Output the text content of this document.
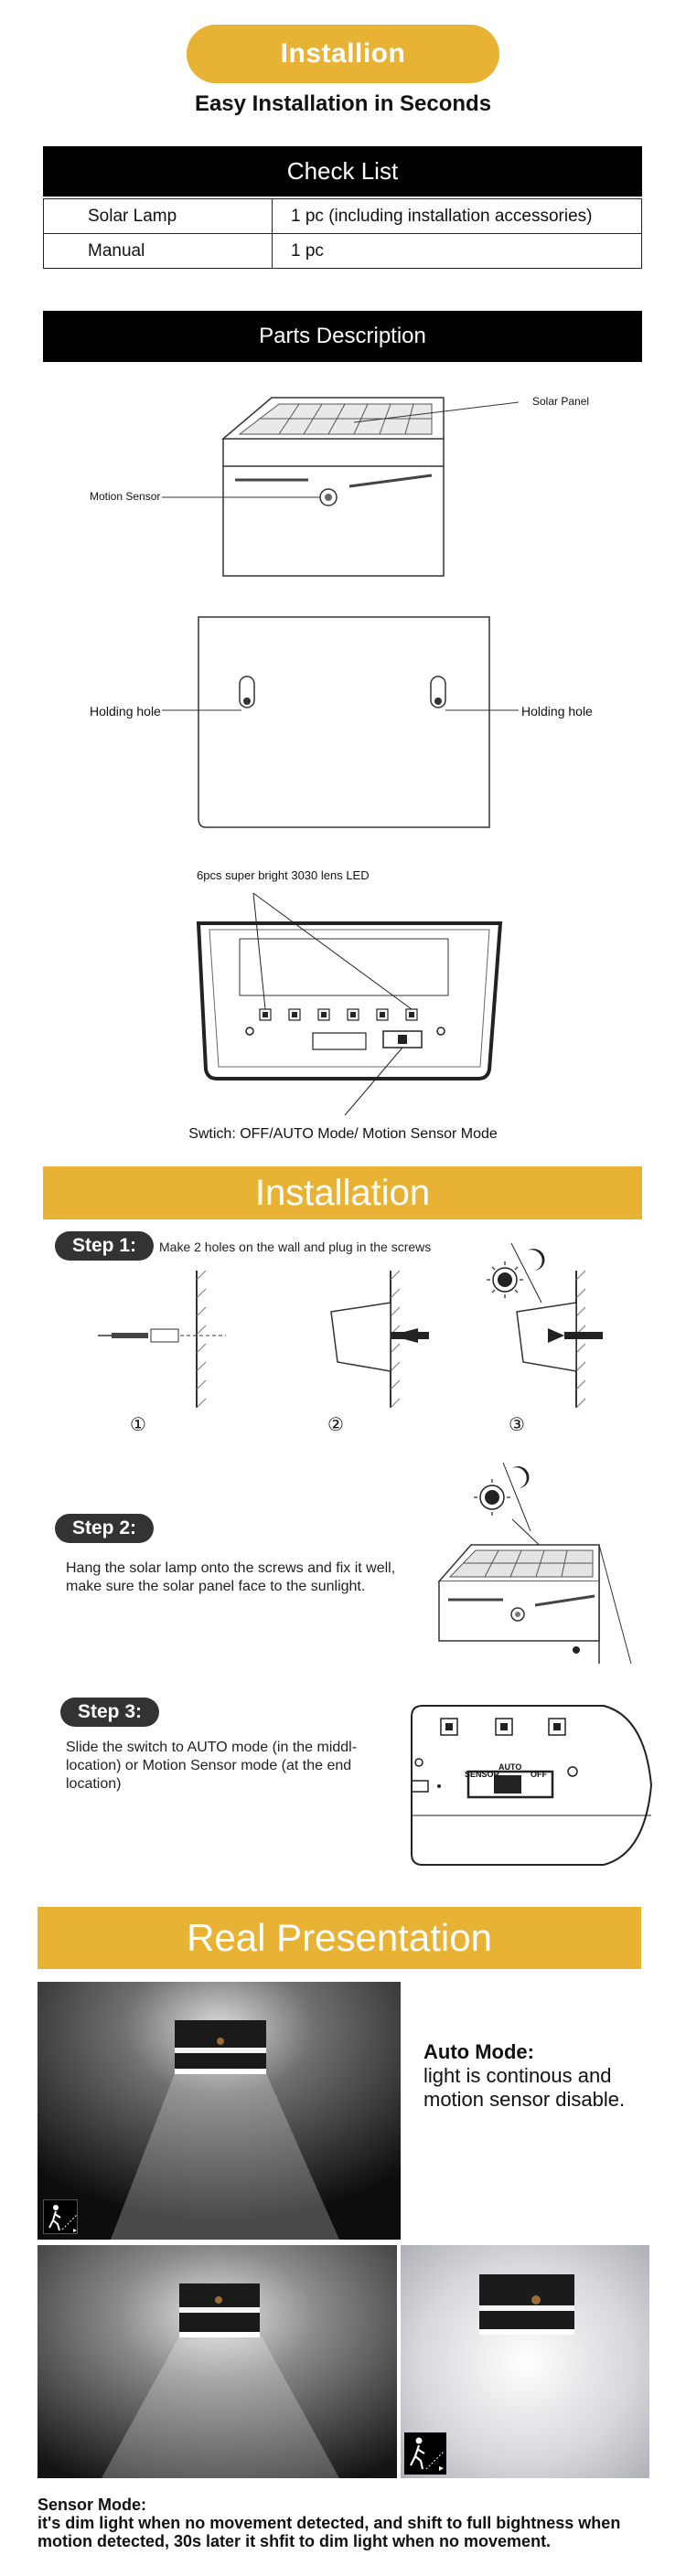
Installion
Easy Installation in Seconds
Check List
Solar Lamp	1 pc (including installation accessories)
Manual	1 pc
Parts Description
Motion Sensor
Solar Panel
Holding hole	Holding hole
6pcs super bright 3030 lens LED
Swtich: OFF/AUTO Mode/ Motion Sensor Mode
Installation
Step 1: Make 2 holes on the wall and plug in the screws
①	②	③
Step 2:
Hang the solar lamp onto the screws and fix it well, make sure the solar panel face to the sunlight.
Step 3:
Slide the switch to AUTO mode (in the middl- location) or Motion Sensor mode (at the end location)
SENSOR
AUTO
OFF
Real Presentation
Auto Mode:
light is continous and motion sensor disable.
Sensor Mode:
it's dim light when no movement detected, and shift to full bightness when motion detected, 30s later it shfit to dim light when no movement.
